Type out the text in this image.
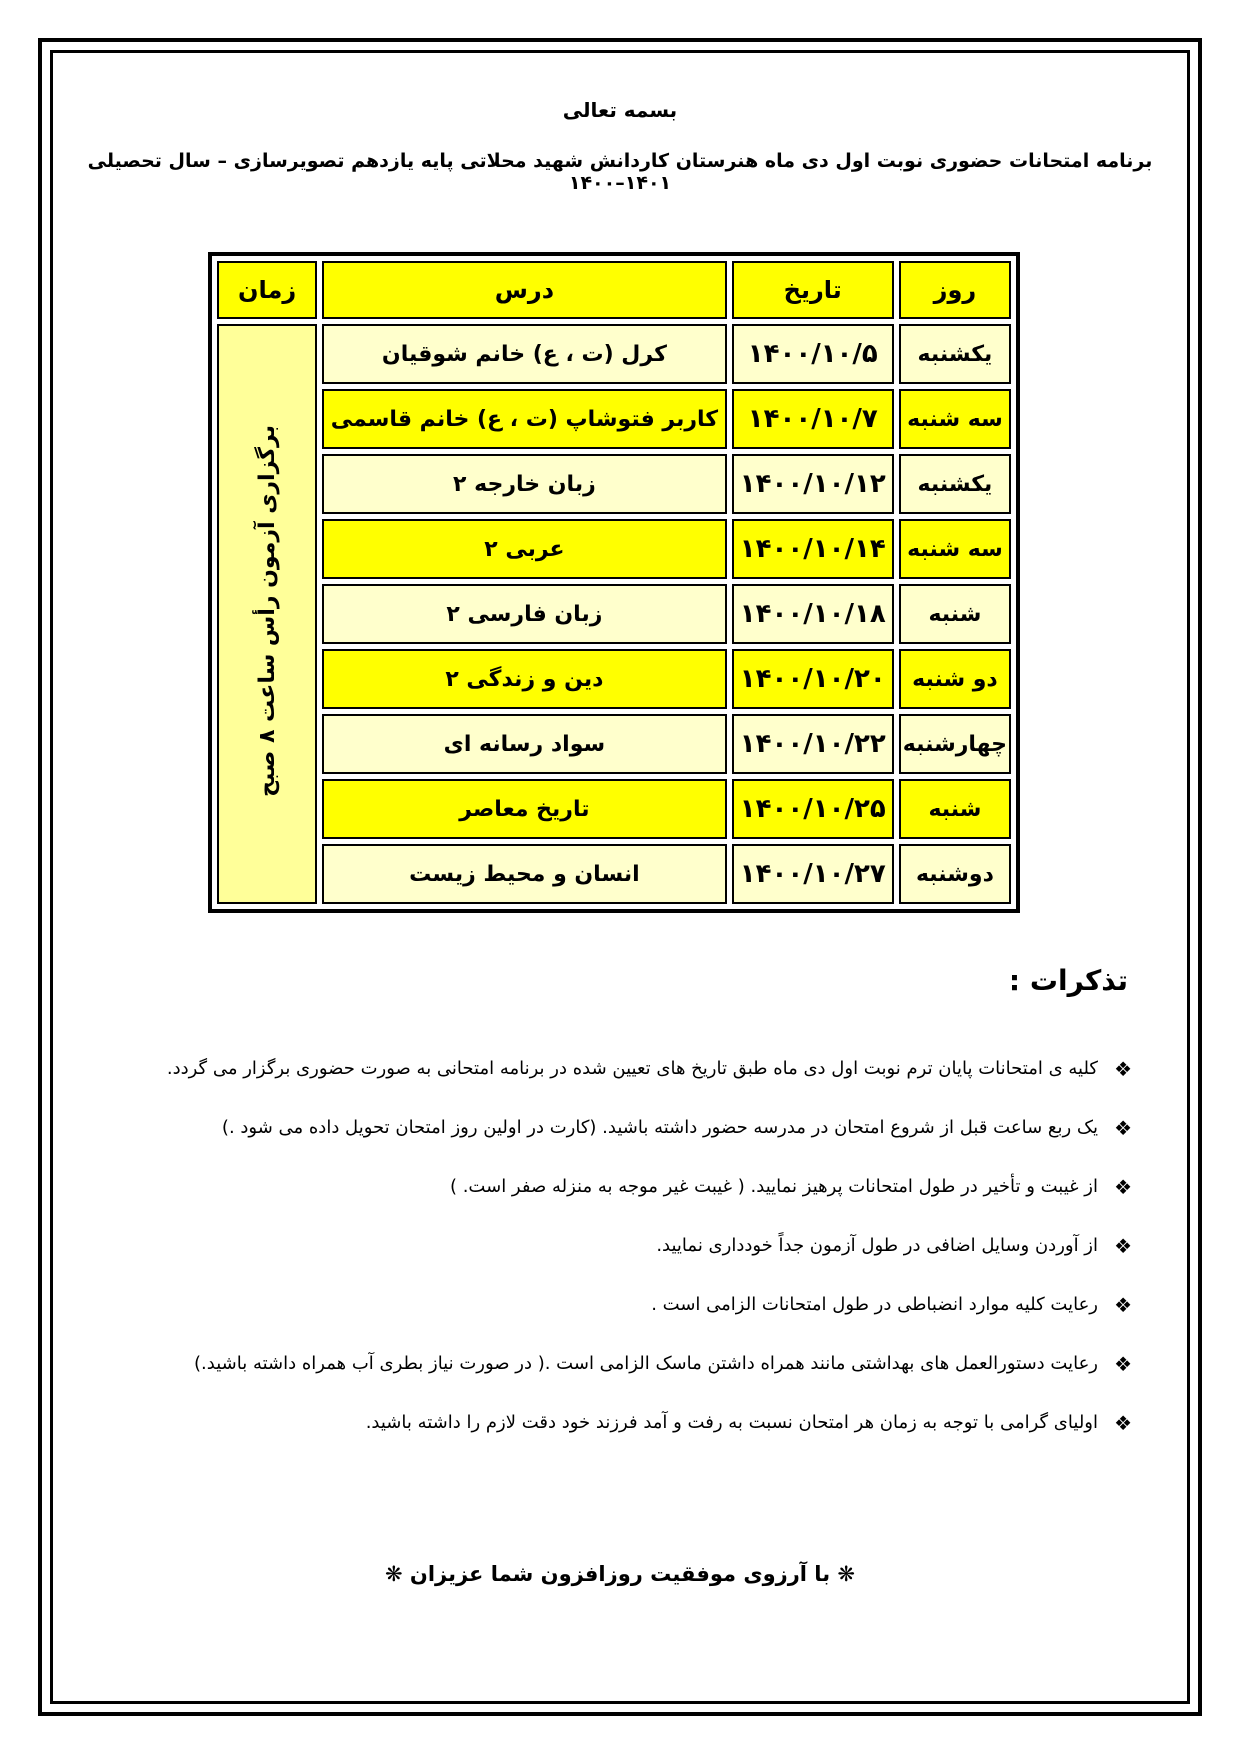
بسمه تعالی
برنامه امتحانات حضوری نوبت اول دی ماه هنرستان کاردانش شهید محلاتی پایه یازدهم تصویرسازی – سال تحصیلی ۱۴۰۱–۱۴۰۰
روز	تاریخ	درس	زمان
یکشنبه	۱۴۰۰/۱۰/۵	کرل (ت ، ع) خانم شوقیان	برگزاری آزمون رأس ساعت ۸ صبح
سه شنبه	۱۴۰۰/۱۰/۷	کاربر فتوشاپ (ت ، ع) خانم قاسمی	
یکشنبه	۱۴۰۰/۱۰/۱۲	زبان خارجه ۲	
سه شنبه	۱۴۰۰/۱۰/۱۴	عربی ۲	
شنبه	۱۴۰۰/۱۰/۱۸	زبان فارسی ۲	
دو شنبه	۱۴۰۰/۱۰/۲۰	دین و زندگی ۲	
چهارشنبه	۱۴۰۰/۱۰/۲۲	سواد رسانه ای	
شنبه	۱۴۰۰/۱۰/۲۵	تاریخ معاصر	
دوشنبه	۱۴۰۰/۱۰/۲۷	انسان و محیط زیست	
تذکرات :
❖
کلیه ی امتحانات پایان ترم نوبت اول دی ماه طبق تاریخ های تعیین شده در برنامه امتحانی به صورت حضوری برگزار می گردد.
❖
یک ربع ساعت قبل از شروع امتحان در مدرسه حضور داشته باشید. (کارت در اولین روز امتحان تحویل داده می شود .)
❖
از غیبت و تأخیر در طول امتحانات پرهیز نمایید. ( غیبت غیر موجه به منزله صفر است. )
❖
از آوردن وسایل اضافی در طول آزمون جداً خودداری نمایید.
❖
رعایت کلیه موارد انضباطی در طول امتحانات الزامی است .
❖
رعایت دستورالعمل های بهداشتی مانند همراه داشتن ماسک الزامی است .( در صورت نیاز بطری آب همراه داشته باشید.)
❖
اولیای گرامی با توجه به زمان هر امتحان نسبت به رفت و آمد فرزند خود دقت لازم را داشته باشید.
❋ با آرزوی موفقیت روزافزون شما عزیزان ❋
